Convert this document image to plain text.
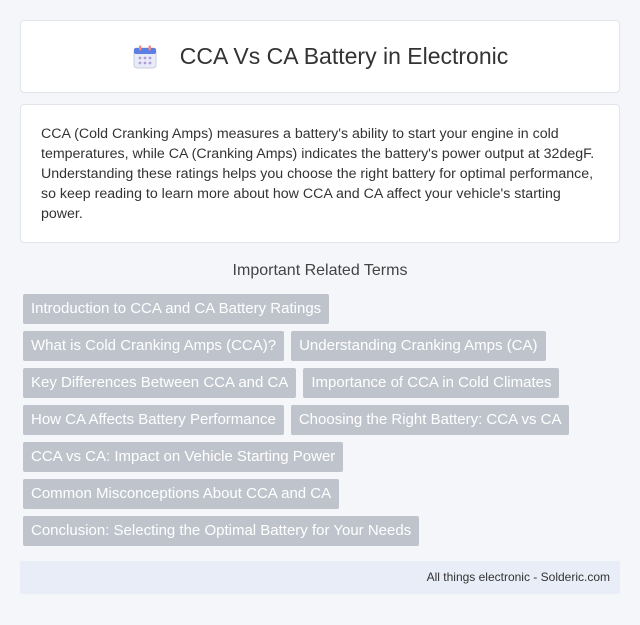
CCA Vs CA Battery in Electronic
CCA (Cold Cranking Amps) measures a battery's ability to start your engine in cold temperatures, while CA (Cranking Amps) indicates the battery's power output at 32degF. Understanding these ratings helps you choose the right battery for optimal performance, so keep reading to learn more about how CCA and CA affect your vehicle's starting power.
Important Related Terms
Introduction to CCA and CA Battery Ratings
What is Cold Cranking Amps (CCA)?	Understanding Cranking Amps (CA)
Key Differences Between CCA and CA	Importance of CCA in Cold Climates
How CA Affects Battery Performance	Choosing the Right Battery: CCA vs CA
CCA vs CA: Impact on Vehicle Starting Power
Common Misconceptions About CCA and CA
Conclusion: Selecting the Optimal Battery for Your Needs
All things electronic - Solderic.com
